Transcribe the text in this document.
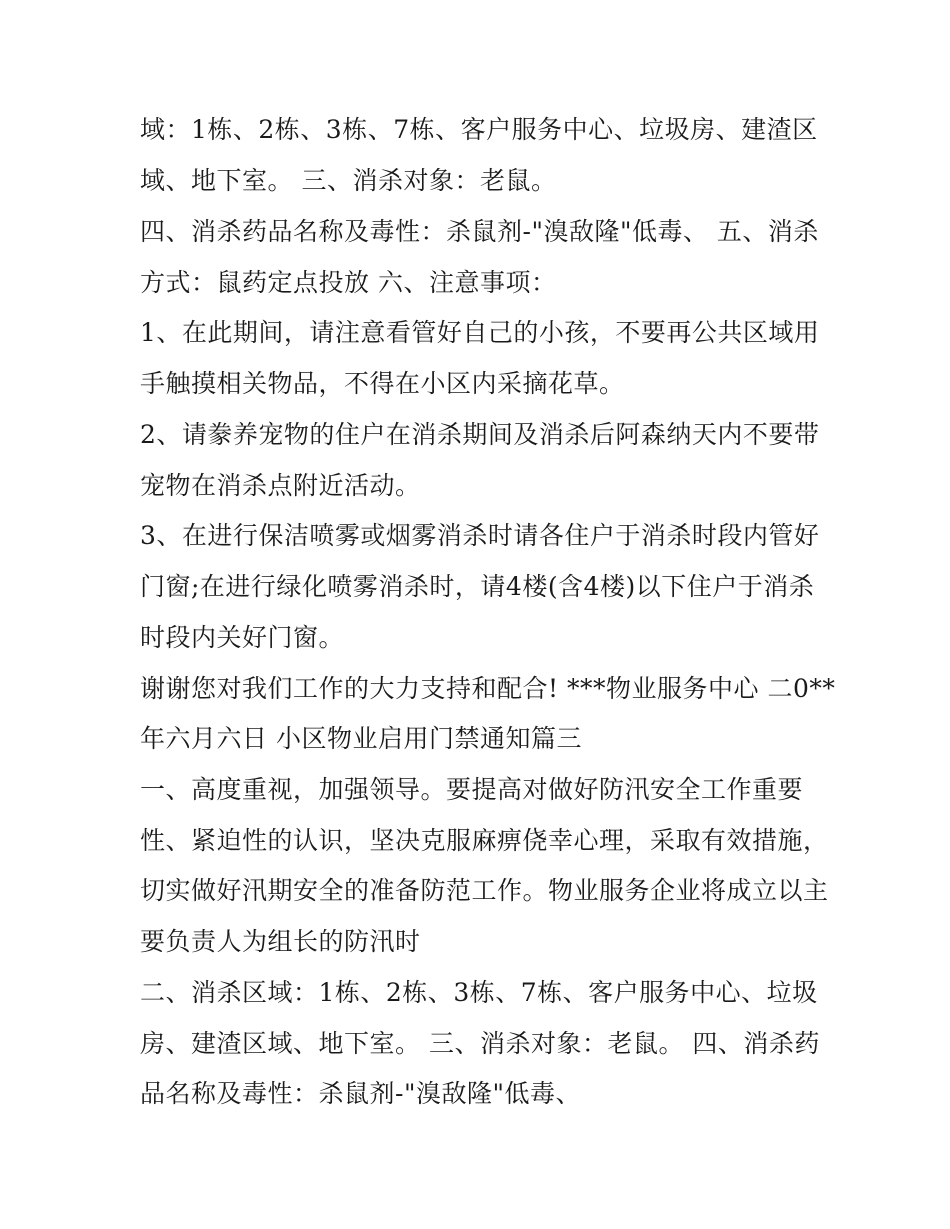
域：1栋、2栋、3栋、7栋、客户服务中心、垃圾房、建渣区
域、地下室。 三、消杀对象：老鼠。
四、消杀药品名称及毒性：杀鼠剂-"溴敌隆"低毒、 五、消杀
方式：鼠药定点投放 六、注意事项：
1、在此期间，请注意看管好自己的小孩，不要再公共区域用
手触摸相关物品，不得在小区内采摘花草。
2、请豢养宠物的住户在消杀期间及消杀后阿森纳天内不要带
宠物在消杀点附近活动。
3、在进行保洁喷雾或烟雾消杀时请各住户于消杀时段内管好
门窗;在进行绿化喷雾消杀时，请4楼(含4楼)以下住户于消杀
时段内关好门窗。
谢谢您对我们工作的大力支持和配合! ***物业服务中心 二0**
年六月六日 小区物业启用门禁通知篇三
一、高度重视，加强领导。要提高对做好防汛安全工作重要
性、紧迫性的认识，坚决克服麻痹侥幸心理，采取有效措施，
切实做好汛期安全的准备防范工作。物业服务企业将成立以主
要负责人为组长的防汛时
二、消杀区域：1栋、2栋、3栋、7栋、客户服务中心、垃圾
房、建渣区域、地下室。 三、消杀对象：老鼠。 四、消杀药
品名称及毒性：杀鼠剂-"溴敌隆"低毒、
